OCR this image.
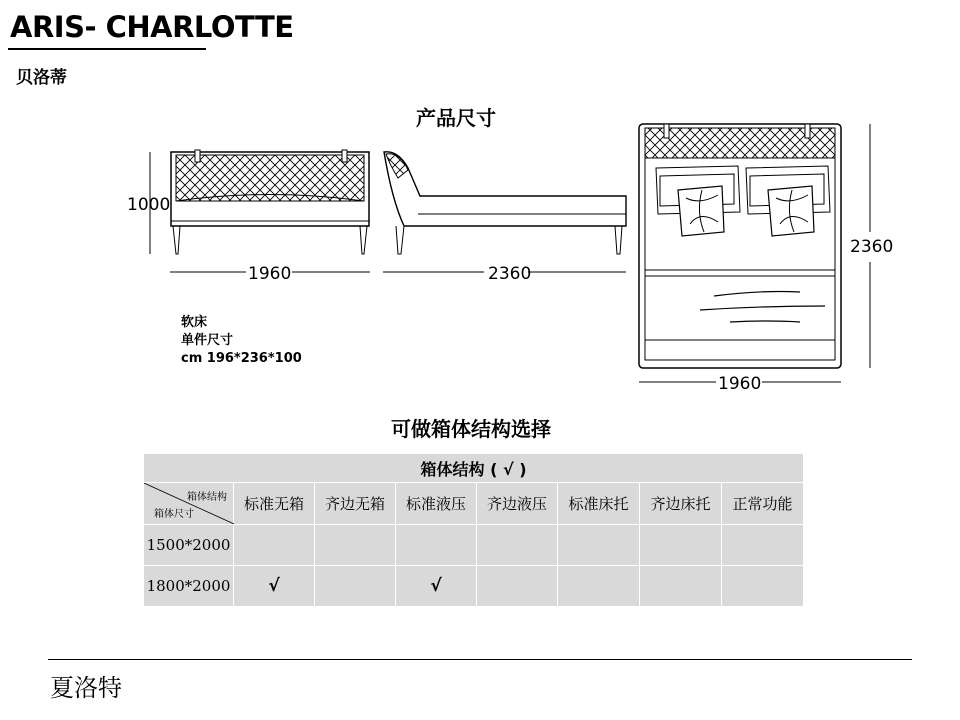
ARIS- CHARLOTTE
贝洛蒂
产品尺寸
1000
1960	2360
2360
1960
软床
单件尺寸
cm 196*236*100
可做箱体结构选择
箱体结构 ( √ )							

箱体结构
箱体尺寸	标准无箱	齐边无箱	标准液压	齐边液压	标准床托	齐边床托	正常功能
1500*2000							
1800*2000	√		√				
夏洛特
